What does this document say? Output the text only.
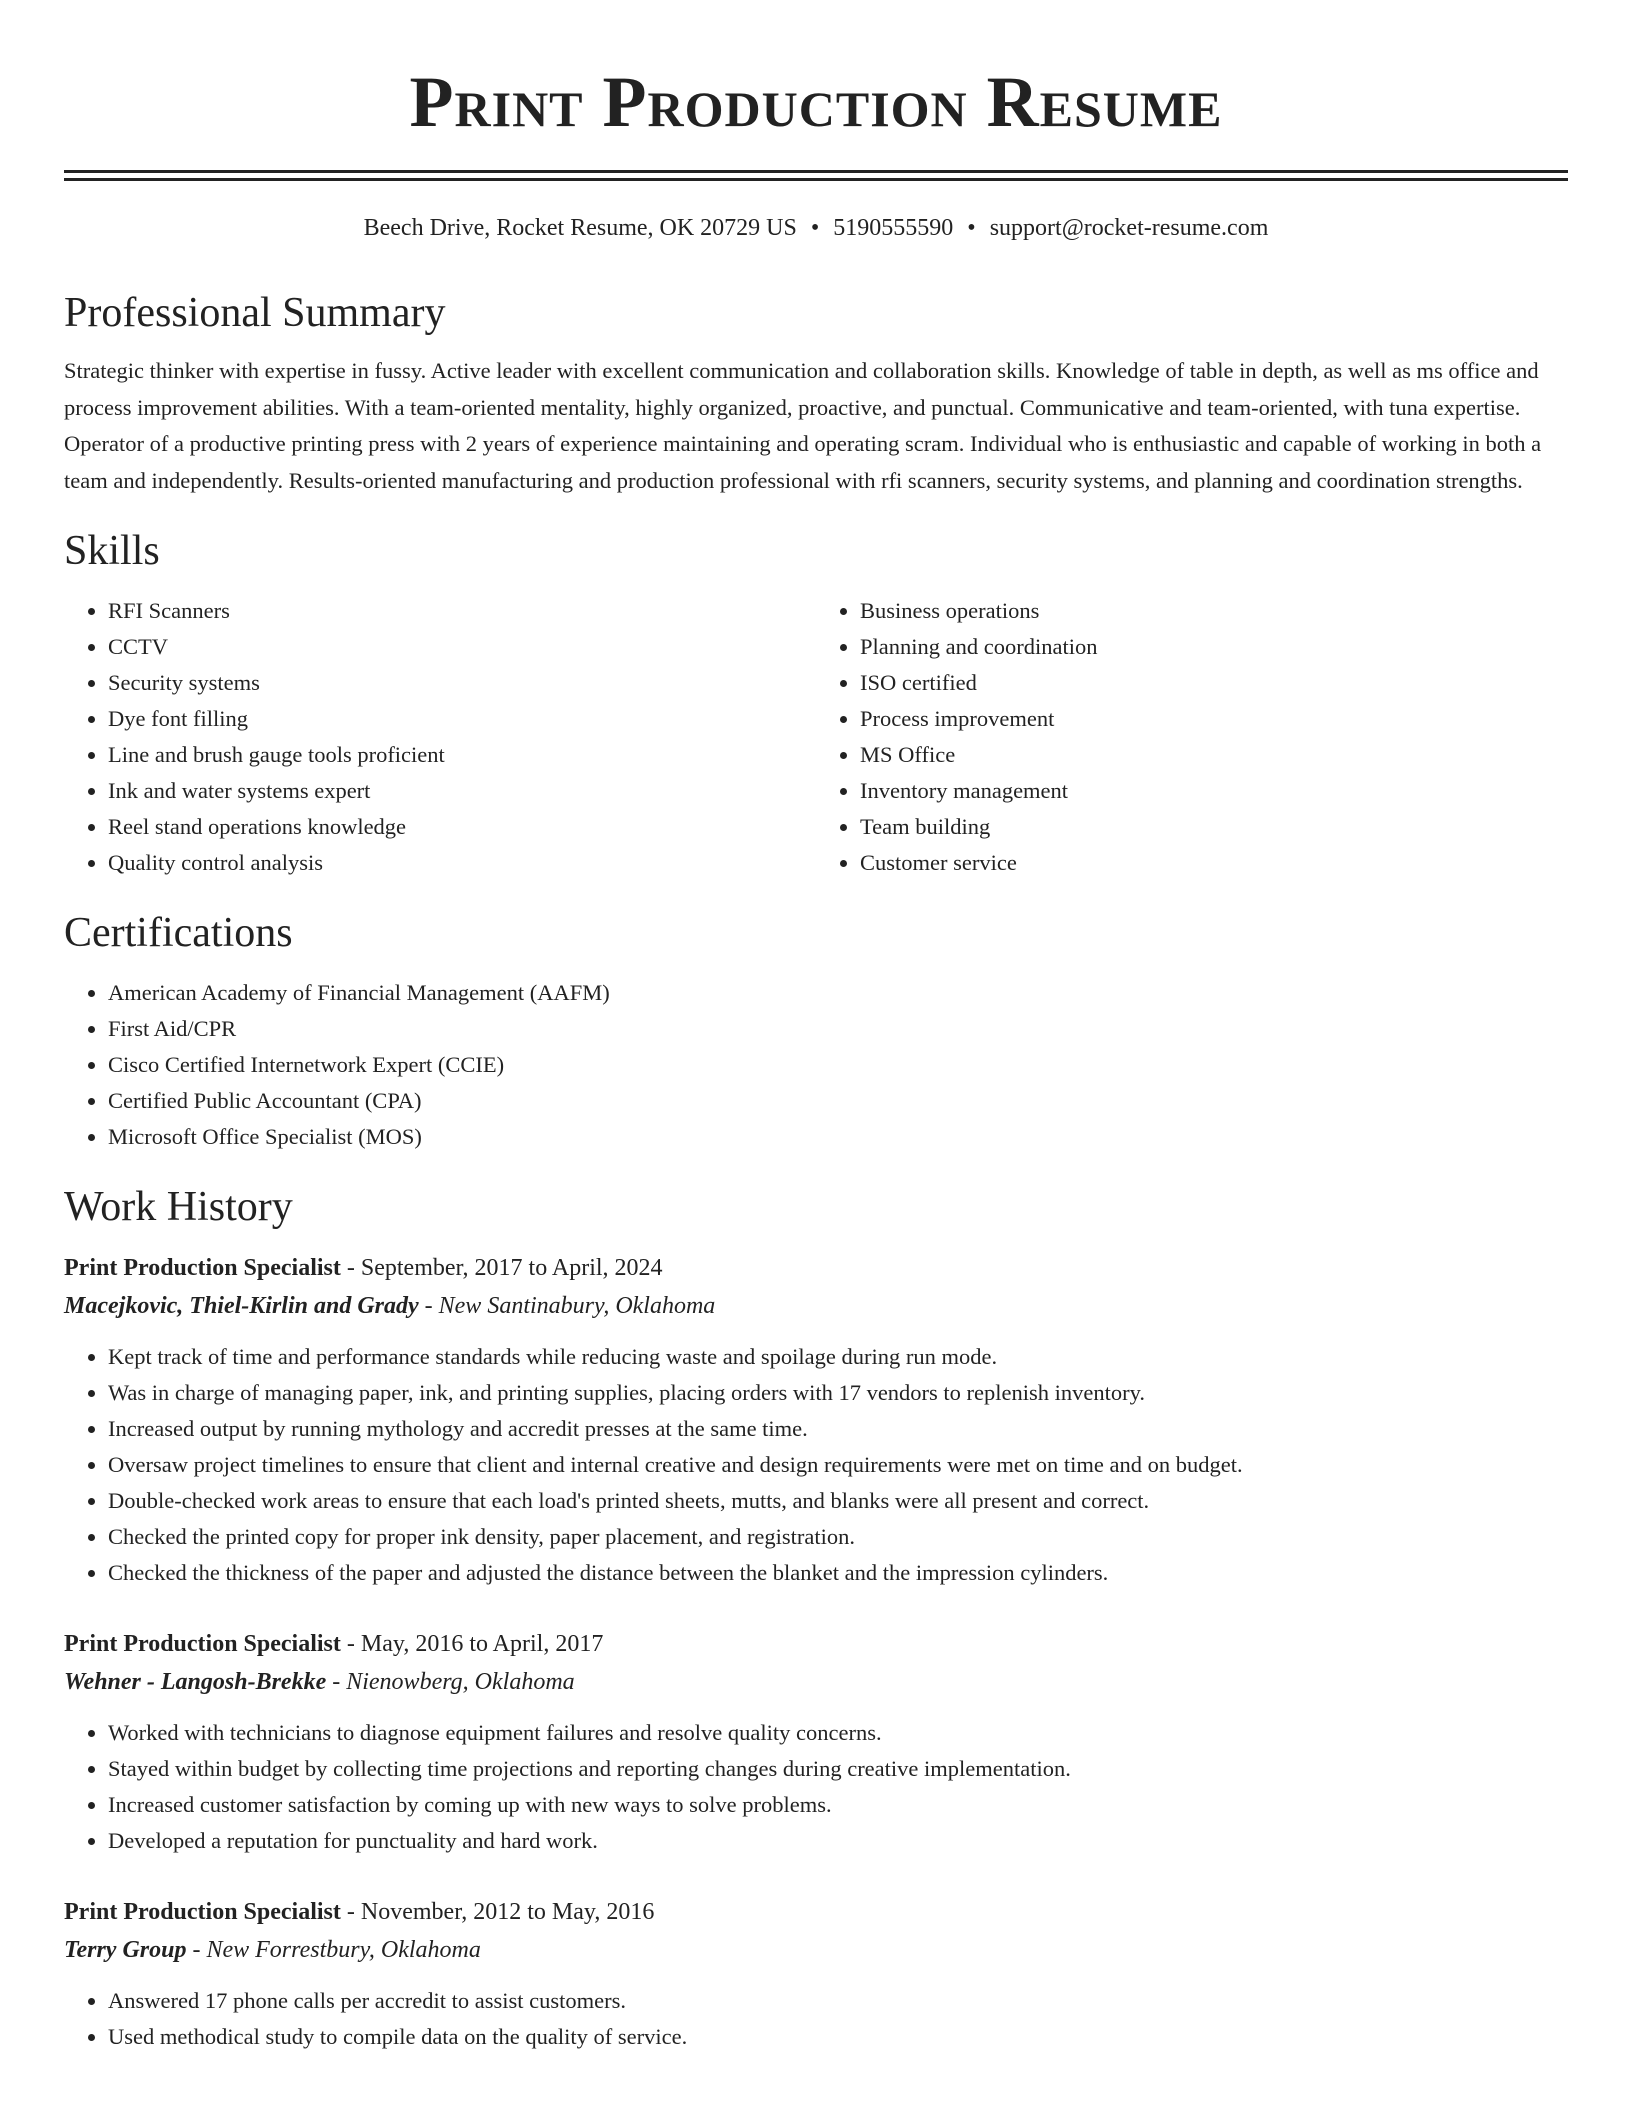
Print Production Resume
Beech Drive, Rocket Resume, OK 20729 US • 5190555590 • support@rocket-resume.com
Professional Summary

Strategic thinker with expertise in fussy. Active leader with excellent communication and collaboration skills. Knowledge of table in depth, as well as ms office and process improvement abilities. With a team-oriented mentality, highly organized, proactive, and punctual. Communicative and team-oriented, with tuna expertise. Operator of a productive printing press with 2 years of experience maintaining and operating scram. Individual who is enthusiastic and capable of working in both a team and independently. Results-oriented manufacturing and production professional with rfi scanners, security systems, and planning and coordination strengths.

Skills
• RFI Scanners
• CCTV
• Security systems
• Dye font filling
• Line and brush gauge tools proficient
• Ink and water systems expert
• Reel stand operations knowledge
• Quality control analysis
• Business operations
• Planning and coordination
• ISO certified
• Process improvement
• MS Office
• Inventory management
• Team building
• Customer service
Certifications
• American Academy of Financial Management (AAFM)
• First Aid/CPR
• Cisco Certified Internetwork Expert (CCIE)
• Certified Public Accountant (CPA)
• Microsoft Office Specialist (MOS)
Work History
Print Production Specialist - September, 2017 to April, 2024
Macejkovic, Thiel-Kirlin and Grady - New Santinabury, Oklahoma
• Kept track of time and performance standards while reducing waste and spoilage during run mode.
• Was in charge of managing paper, ink, and printing supplies, placing orders with 17 vendors to replenish inventory.
• Increased output by running mythology and accredit presses at the same time.
• Oversaw project timelines to ensure that client and internal creative and design requirements were met on time and on budget.
• Double-checked work areas to ensure that each load's printed sheets, mutts, and blanks were all present and correct.
• Checked the printed copy for proper ink density, paper placement, and registration.
• Checked the thickness of the paper and adjusted the distance between the blanket and the impression cylinders.
Print Production Specialist - May, 2016 to April, 2017
Wehner - Langosh-Brekke - Nienowberg, Oklahoma
• Worked with technicians to diagnose equipment failures and resolve quality concerns.
• Stayed within budget by collecting time projections and reporting changes during creative implementation.
• Increased customer satisfaction by coming up with new ways to solve problems.
• Developed a reputation for punctuality and hard work.
Print Production Specialist - November, 2012 to May, 2016
Terry Group - New Forrestbury, Oklahoma
• Answered 17 phone calls per accredit to assist customers.
• Used methodical study to compile data on the quality of service.
